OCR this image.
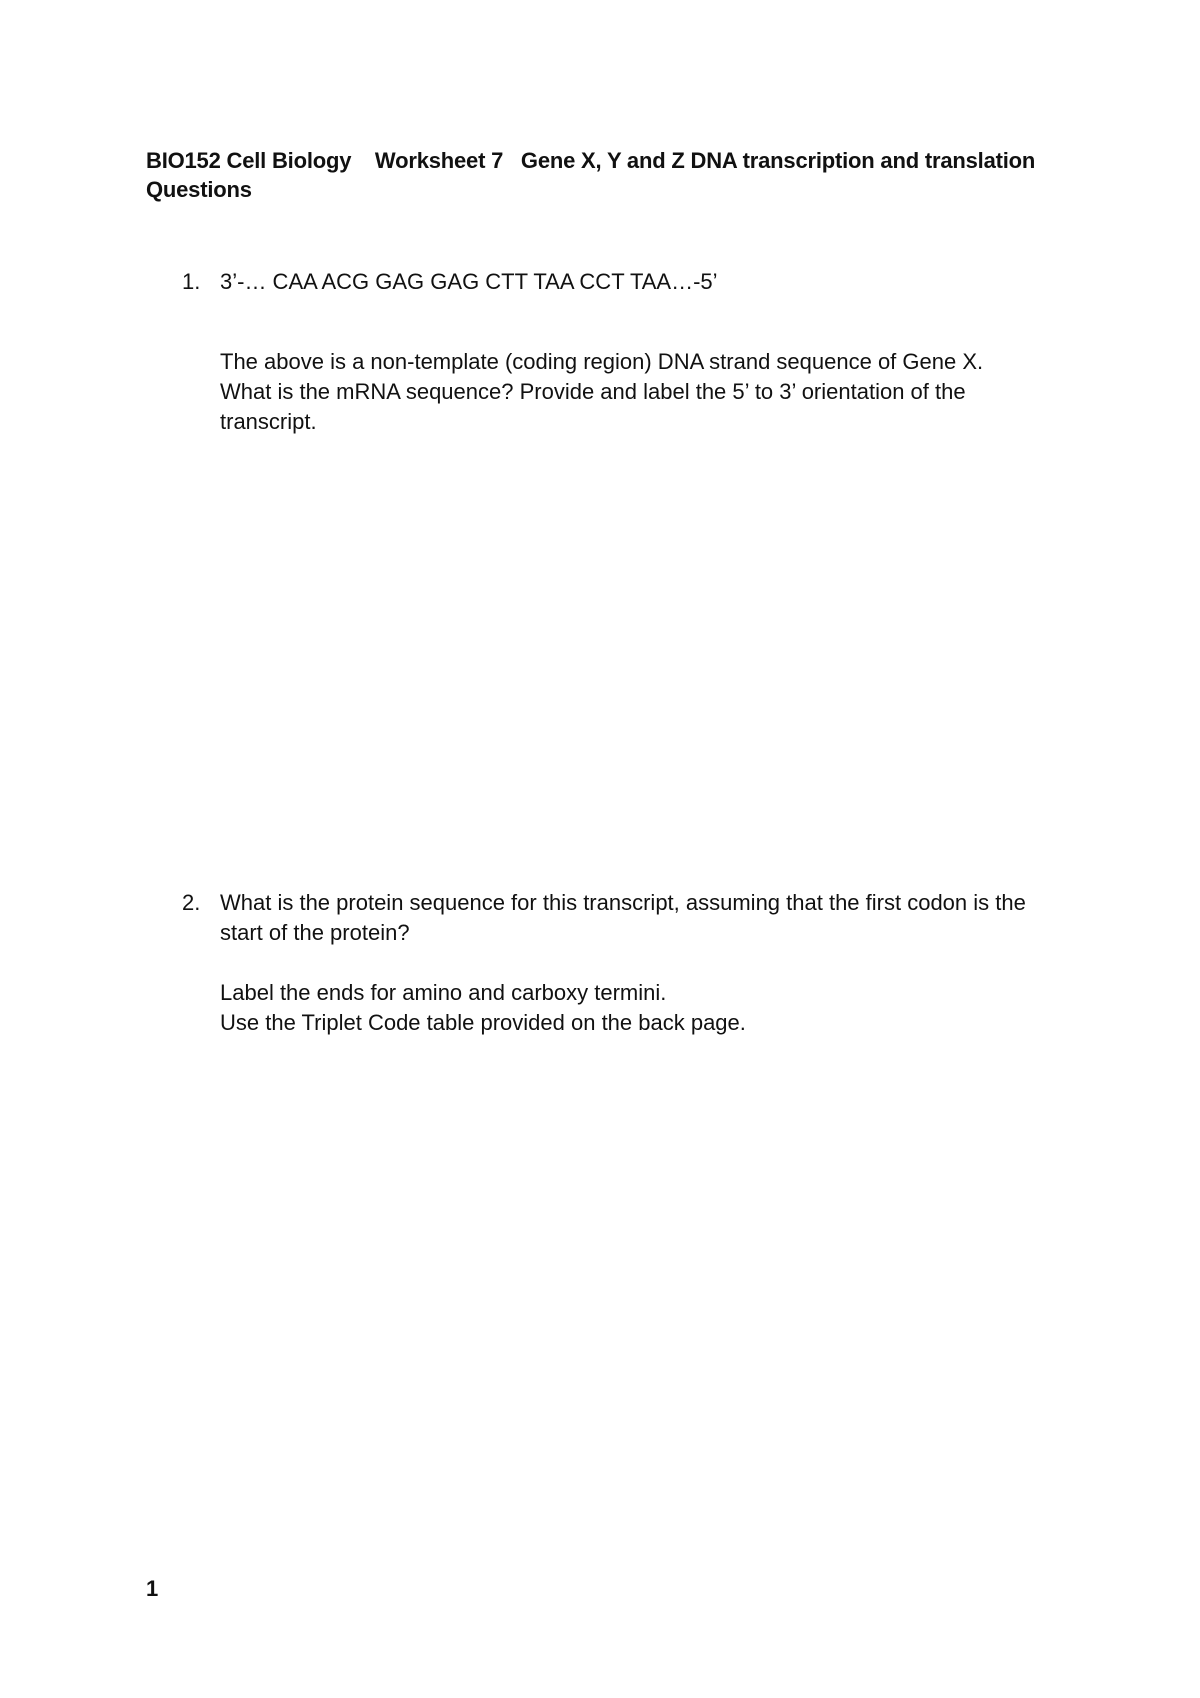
BIO152 Cell Biology Worksheet 7 Gene X, Y and Z DNA transcription and translation
Questions
1. 3’-… CAA ACG GAG GAG CTT TAA CCT TAA…-5’

The above is a non-template (coding region) DNA strand sequence of Gene X.

What is the mRNA sequence? Provide and label the 5’ to 3’ orientation of the

transcript.

2. What is the protein sequence for this transcript, assuming that the first codon is the

start of the protein?

Label the ends for amino and carboxy termini.

Use the Triplet Code table provided on the back page.

1
